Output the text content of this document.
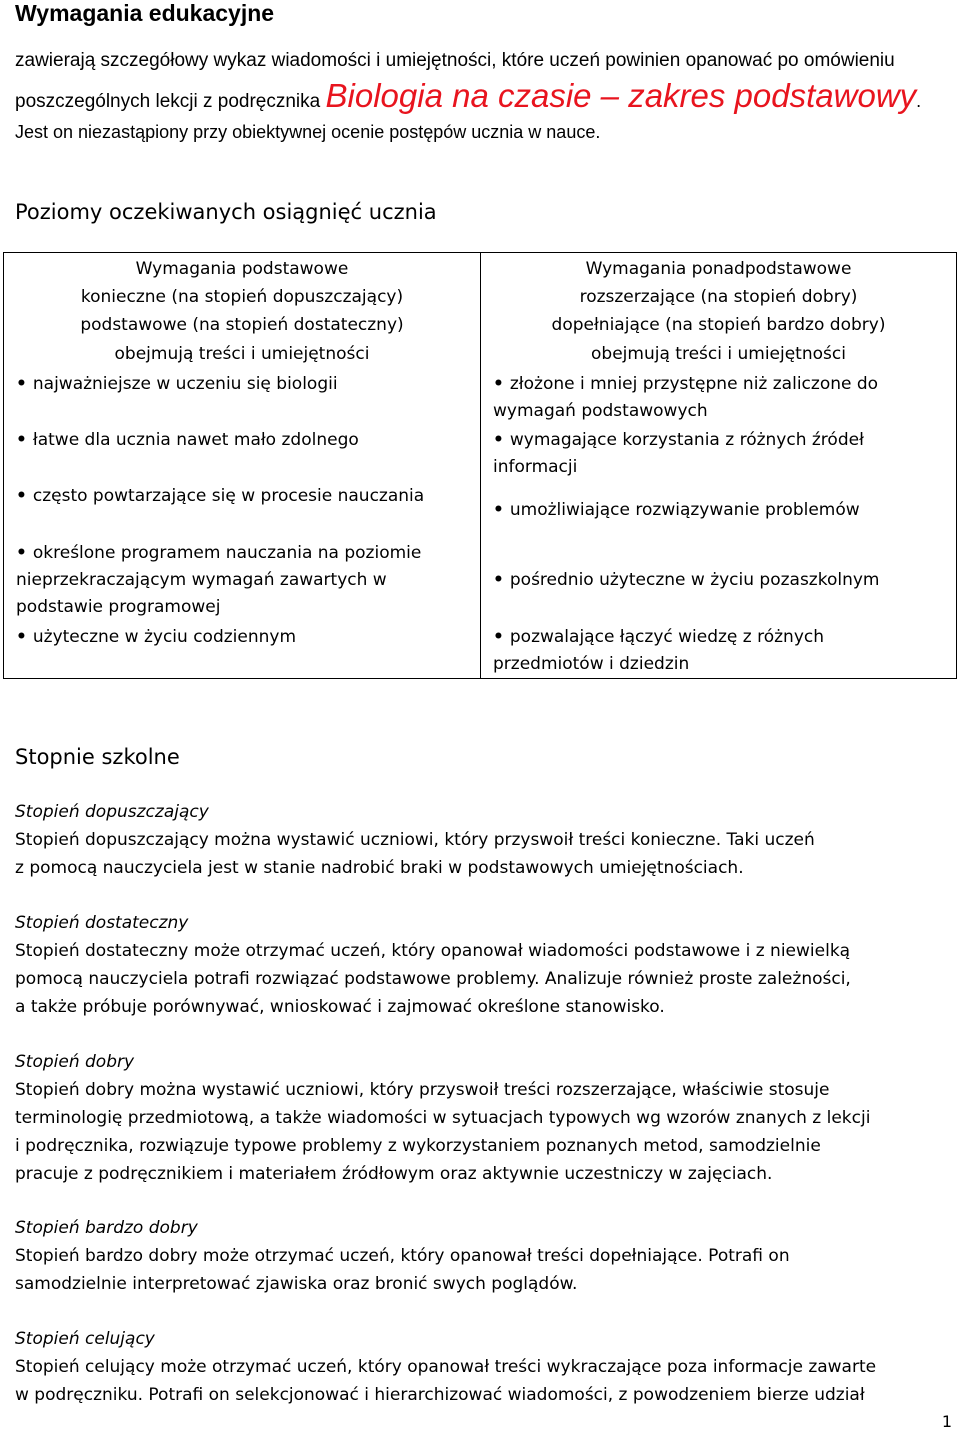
Wymagania edukacyjne
zawierają szczegółowy wykaz wiadomości i umiejętności, które uczeń powinien opanować po omówieniu poszczególnych lekcji z podręcznika Biologia na czasie – zakres podstawowy. Jest on niezastąpiony przy obiektywnej ocenie postępów ucznia w nauce.
Poziomy oczekiwanych osiągnięć ucznia
Wymagania podstawowe
konieczne (na stopień dopuszczający)
podstawowe (na stopień dostateczny)
obejmują treści i umiejętności
• najważniejsze w uczeniu się biologii
• łatwe dla ucznia nawet mało zdolnego
• często powtarzające się w procesie nauczania
• określone programem nauczania na poziomie
nieprzekraczającym wymagań zawartych w
podstawie programowej
• użyteczne w życiu codziennym
Wymagania ponadpodstawowe
rozszerzające (na stopień dobry)
dopełniające (na stopień bardzo dobry)
obejmują treści i umiejętności
• złożone i mniej przystępne niż zaliczone do
wymagań podstawowych
• wymagające korzystania z różnych źródeł
informacji
• umożliwiające rozwiązywanie problemów
• pośrednio użyteczne w życiu pozaszkolnym
• pozwalające łączyć wiedzę z różnych
przedmiotów i dziedzin
Stopnie szkolne
Stopień dopuszczający
Stopień dopuszczający można wystawić uczniowi, który przyswoił treści konieczne. Taki uczeń
z pomocą nauczyciela jest w stanie nadrobić braki w podstawowych umiejętnościach.
Stopień dostateczny
Stopień dostateczny może otrzymać uczeń, który opanował wiadomości podstawowe i z niewielką
pomocą nauczyciela potrafi rozwiązać podstawowe problemy. Analizuje również proste zależności,
a także próbuje porównywać, wnioskować i zajmować określone stanowisko.
Stopień dobry
Stopień dobry można wystawić uczniowi, który przyswoił treści rozszerzające, właściwie stosuje
terminologię przedmiotową, a także wiadomości w sytuacjach typowych wg wzorów znanych z lekcji
i podręcznika, rozwiązuje typowe problemy z wykorzystaniem poznanych metod, samodzielnie
pracuje z podręcznikiem i materiałem źródłowym oraz aktywnie uczestniczy w zajęciach.
Stopień bardzo dobry
Stopień bardzo dobry może otrzymać uczeń, który opanował treści dopełniające. Potrafi on
samodzielnie interpretować zjawiska oraz bronić swych poglądów.
Stopień celujący
Stopień celujący może otrzymać uczeń, który opanował treści wykraczające poza informacje zawarte
w podręczniku. Potrafi on selekcjonować i hierarchizować wiadomości, z powodzeniem bierze udział
1
